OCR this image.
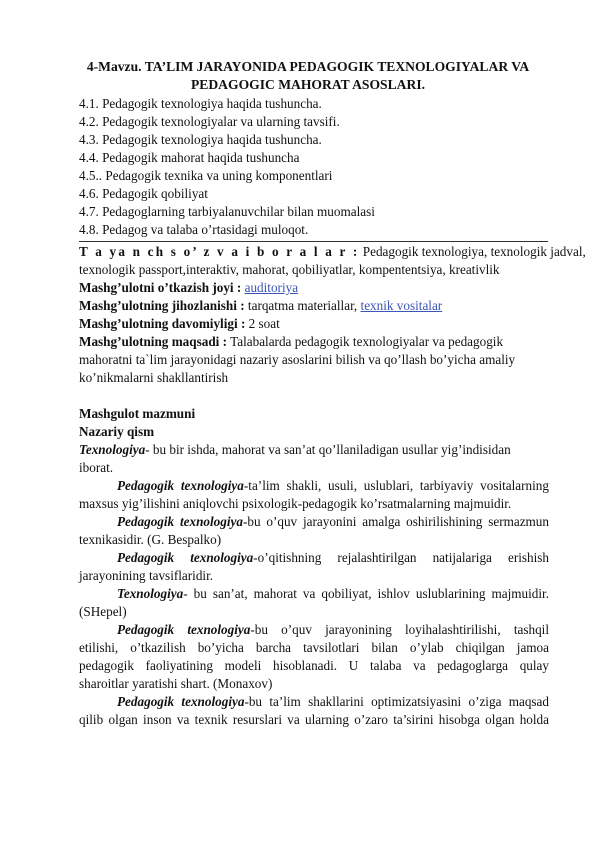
4-Mavzu. TA’LIM JARAYONIDA PEDAGOGIK TEXNOLOGIYALAR VA
PEDAGOGIC MAHORAT ASOSLARI.
4.1. Pedagogik texnologiya haqida tushuncha.
4.2. Pedagogik texnologiyalar va ularning tavsifi.
4.3. Pedagogik texnologiya haqida tushuncha.
4.4. Pedagogik mahorat haqida tushuncha
4.5.. Pedagogik texnika va uning komponentlari
4.6. Pedagogik qobiliyat
4.7. Pedagoglarning tarbiyalanuvchilar bilan muomalasi
4.8. Pedagog va talaba o’rtasidagi muloqot.
T a ya n ch s o’ z v a i b o r a l a r : Pedagogik texnologiya, texnologik jadval,
texnologik passport,interaktiv, mahorat, qobiliyatlar, kompententsiya, kreativlik
Mashg’ulotni o’tkazish joyi : auditoriya
Mashg’ulotning jihozlanishi : tarqatma materiallar, texnik vositalar
Mashg’ulotning davomiyligi : 2 soat
Mashg’ulotning maqsadi : Talabalarda pedagogik texnologiyalar va pedagogik
mahoratni ta`lim jarayonidagi nazariy asoslarini bilish va qo’llash bo’yicha amaliy
ko’nikmalarni shakllantirish
Mashgulot mazmuni
Nazariy qism
Texnologiya- bu bir ishda, mahorat va san’at qo’llaniladigan usullar yig’indisidan
iborat.
Pedagogik texnologiya-ta’lim shakli, usuli, uslublari, tarbiyaviy vositalarning
maxsus yig’ilishini aniqlovchi psixologik-pedagogik ko’rsatmalarning majmuidir.
Pedagogik texnologiya-bu o’quv jarayonini amalga oshirilishining sermazmun
texnikasidir. (G. Bespalko)
Pedagogik texnologiya-o’qitishning rejalashtirilgan natijalariga erishish
jarayonining tavsiflaridir.
Texnologiya- bu san’at, mahorat va qobiliyat, ishlov uslublarining majmuidir.
(SHepel)
Pedagogik texnologiya-bu o’quv jarayonining loyihalashtirilishi, tashqil
etilishi, o’tkazilish bo’yicha barcha tavsilotlari bilan o’ylab chiqilgan jamoa
pedagogik faoliyatining modeli hisoblanadi. U talaba va pedagoglarga qulay
sharoitlar yaratishi shart. (Monaxov)
Pedagogik texnologiya-bu ta’lim shakllarini optimizatsiyasini o’ziga maqsad
qilib olgan inson va texnik resurslari va ularning o’zaro ta’sirini hisobga olgan holda
